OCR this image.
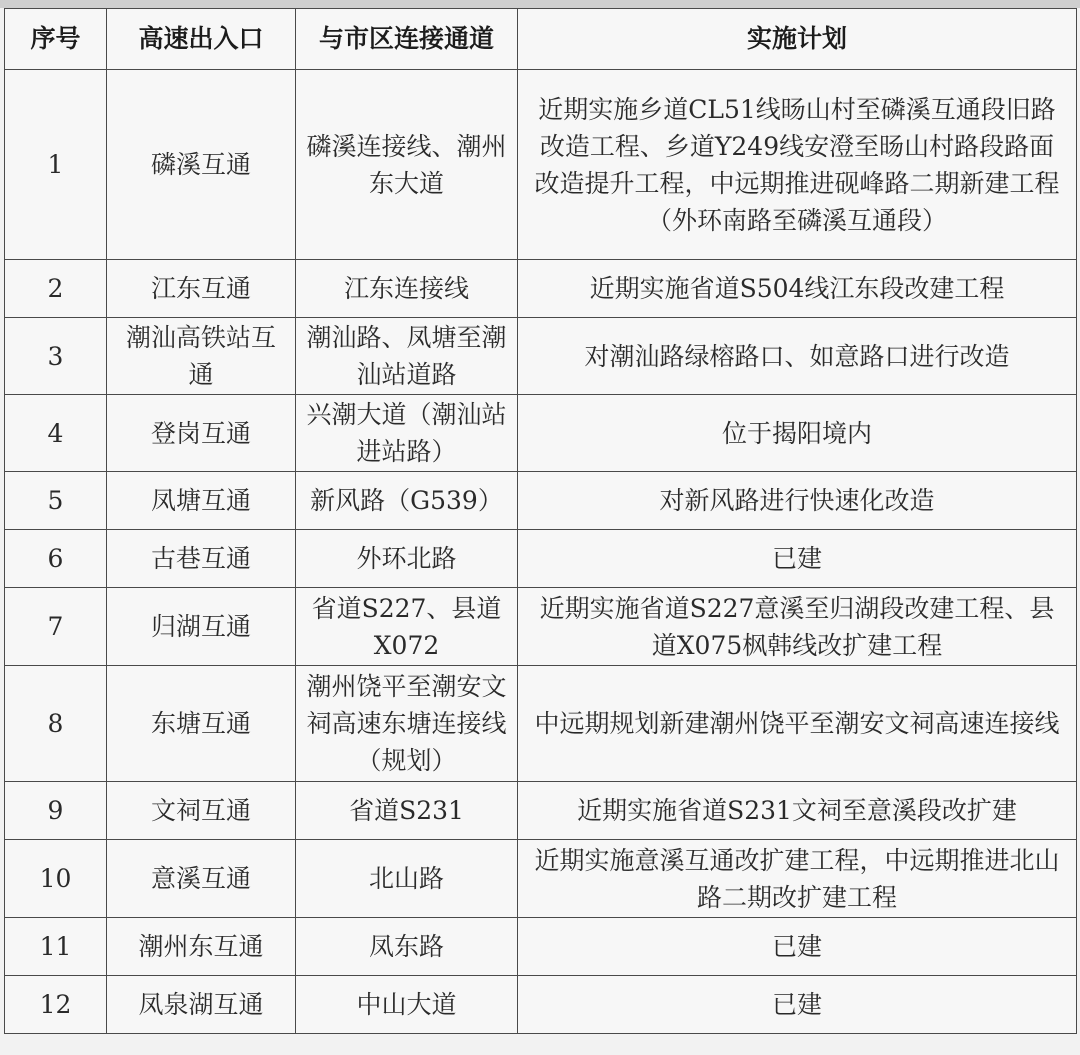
序号	高速出入口	与市区连接通道	实施计划
1	磷溪互通	磷溪连接线、潮州东大道	近期实施乡道CL51线旸山村至磷溪互通段旧路改造工程、乡道Y249线安澄至旸山村路段路面改造提升工程，中远期推进砚峰路二期新建工程（外环南路至磷溪互通段）
2	江东互通	江东连接线	近期实施省道S504线江东段改建工程
3	潮汕高铁站互通	潮汕路、凤塘至潮汕站道路	对潮汕路绿榕路口、如意路口进行改造
4	登岗互通	兴潮大道（潮汕站进站路）	位于揭阳境内
5	凤塘互通	新风路（G539）	对新风路进行快速化改造
6	古巷互通	外环北路	已建
7	归湖互通	省道S227、县道X072	近期实施省道S227意溪至归湖段改建工程、县道X075枫韩线改扩建工程
8	东塘互通	潮州饶平至潮安文祠高速东塘连接线（规划）	中远期规划新建潮州饶平至潮安文祠高速连接线
9	文祠互通	省道S231	近期实施省道S231文祠至意溪段改扩建
10	意溪互通	北山路	近期实施意溪互通改扩建工程，中远期推进北山路二期改扩建工程
11	潮州东互通	凤东路	已建
12	凤泉湖互通	中山大道	已建
